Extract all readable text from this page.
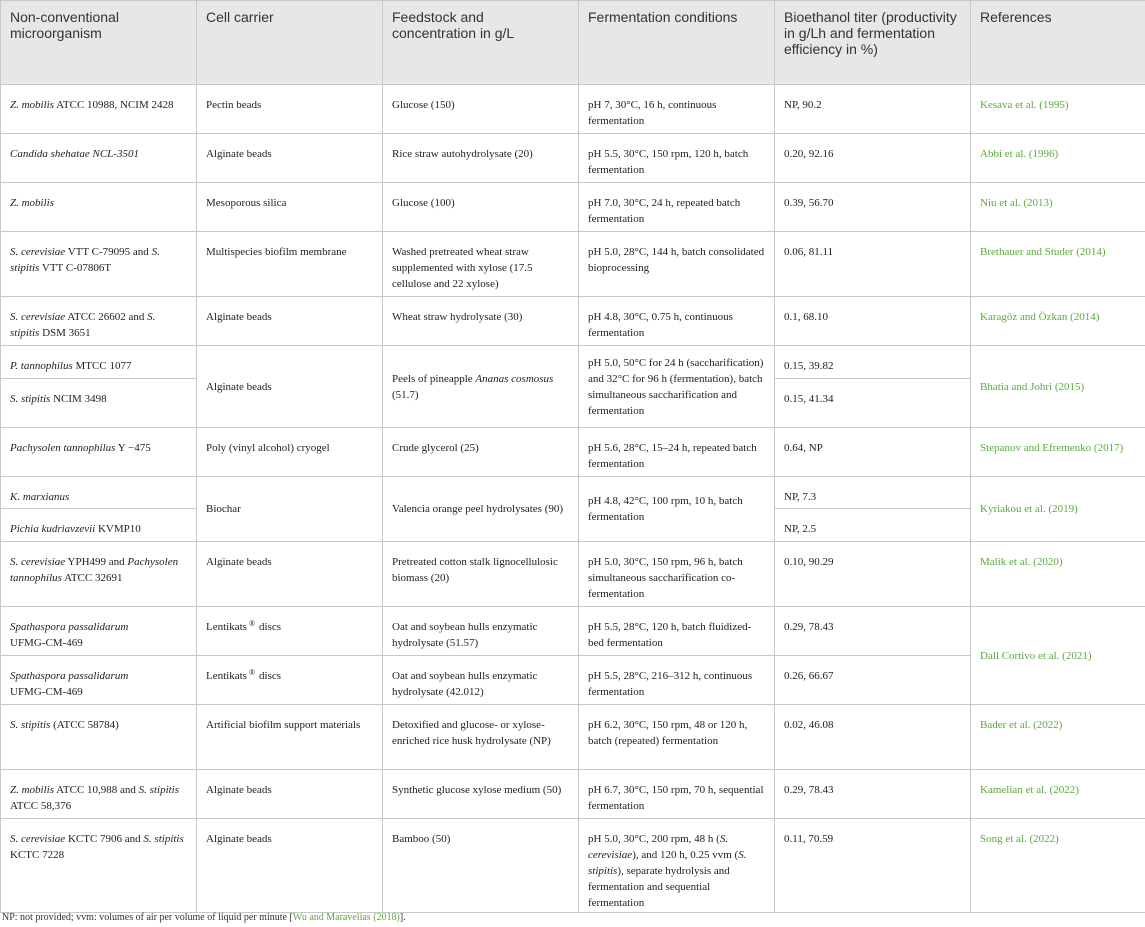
Non-conventional microorganism	Cell carrier	Feedstock and concentration in g/L	Fermentation conditions	Bioethanol titer (productivity in g/Lh and fermentation efficiency in %)	References
Z. mobilis ATCC 10988, NCIM 2428	Pectin beads	Glucose (150)	pH 7, 30°C, 16 h, continuous fermentation	NP, 90.2	Kesava et al. (1995)
Candida shehatae NCL-3501	Alginate beads	Rice straw autohydrolysate (20)	pH 5.5, 30°C, 150 rpm, 120 h, batch fermentation	0.20, 92.16	Abbi et al. (1996)
Z. mobilis	Mesoporous silica	Glucose (100)	pH 7.0, 30°C, 24 h, repeated batch fermentation	0.39, 56.70	Niu et al. (2013)
S. cerevisiae VTT C-79095 and S. stipitis VTT C-07806T	Multispecies biofilm membrane	Washed pretreated wheat straw supplemented with xylose (17.5 cellulose and 22 xylose)	pH 5.0, 28°C, 144 h, batch consolidated bioprocessing	0.06, 81.11	Brethauer and Studer (2014)
S. cerevisiae ATCC 26602 and S. stipitis DSM 3651	Alginate beads	Wheat straw hydrolysate (30)	pH 4.8, 30°C, 0.75 h, continuous fermentation	0.1, 68.10	Karagöz and Özkan (2014)
P. tannophilus MTCC 1077	Alginate beads	Peels of pineapple Ananas cosmosus (51.7)	pH 5.0, 50°C for 24 h (saccharification) and 32°C for 96 h (fermentation), batch simultaneous saccharification and fermentation	0.15, 39.82	Bhatia and Johri (2015)
S. stipitis NCIM 3498				0.15, 41.34	
Pachysolen tannophilus Y −475	Poly (vinyl alcohol) cryogel	Crude glycerol (25)	pH 5.6, 28°C, 15–24 h, repeated batch fermentation	0.64, NP	Stepanov and Efremenko (2017)
K. marxianus	Biochar	Valencia orange peel hydrolysates (90)	pH 4.8, 42°C, 100 rpm, 10 h, batch fermentation	NP, 7.3	Kyriakou et al. (2019)
Pichia kudriavzevii KVMP10				NP, 2.5	
S. cerevisiae YPH499 and Pachysolen tannophilus ATCC 32691	Alginate beads	Pretreated cotton stalk lignocellulosic biomass (20)	pH 5.0, 30°C, 150 rpm, 96 h, batch simultaneous saccharification co-fermentation	0.10, 90.29	Malik et al. (2020)
Spathaspora passalidarum
UFMG-CM-469	Lentikats ® discs	Oat and soybean hulls enzymatic hydrolysate (51.57)	pH 5.5, 28°C, 120 h, batch fluidized-bed fermentation	0.29, 78.43	Dall Cortivo et al. (2021)
Spathaspora passalidarum
UFMG-CM-469	Lentikats ® discs	Oat and soybean hulls enzymatic hydrolysate (42.012)	pH 5.5, 28°C, 216–312 h, continuous fermentation	0.26, 66.67	
S. stipitis (ATCC 58784)	Artificial biofilm support materials	Detoxified and glucose- or xylose-enriched rice husk hydrolysate (NP)	pH 6.2, 30°C, 150 rpm, 48 or 120 h, batch (repeated) fermentation	0.02, 46.08	Bader et al. (2022)
Z. mobilis ATCC 10,988 and S. stipitis ATCC 58,376	Alginate beads	Synthetic glucose xylose medium (50)	pH 6.7, 30°C, 150 rpm, 70 h, sequential fermentation	0.29, 78.43	Kamelian et al. (2022)
S. cerevisiae KCTC 7906 and S. stipitis KCTC 7228	Alginate beads	Bamboo (50)	pH 5.0, 30°C, 200 rpm, 48 h (S. cerevisiae), and 120 h, 0.25 vvm (S. stipitis), separate hydrolysis and fermentation and sequential fermentation	0.11, 70.59	Song et al. (2022)
NP: not provided; vvm: volumes of air per volume of liquid per minute [Wu and Maravelias (2018)].
